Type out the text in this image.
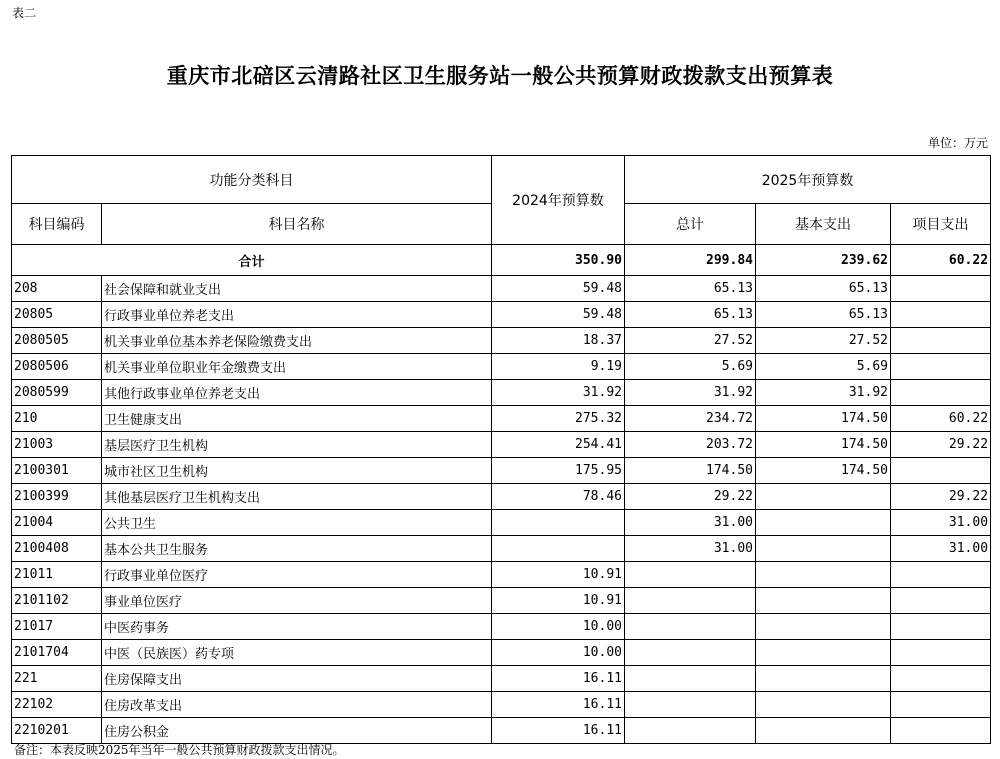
表二
重庆市北碚区云清路社区卫生服务站一般公共预算财政拨款支出预算表
单位：万元
功能分类科目		2024年预算数	2025年预算数		
科目编码	科目名称		总计	基本支出	项目支出
合计		350.90	299.84	239.62	60.22
208	社会保障和就业支出	59.48	65.13	65.13	
20805	行政事业单位养老支出	59.48	65.13	65.13	
2080505	机关事业单位基本养老保险缴费支出	18.37	27.52	27.52	
2080506	机关事业单位职业年金缴费支出	9.19	5.69	5.69	
2080599	其他行政事业单位养老支出	31.92	31.92	31.92	
210	卫生健康支出	275.32	234.72	174.50	60.22
21003	基层医疗卫生机构	254.41	203.72	174.50	29.22
2100301	城市社区卫生机构	175.95	174.50	174.50	
2100399	其他基层医疗卫生机构支出	78.46	29.22		29.22
21004	公共卫生		31.00		31.00
2100408	基本公共卫生服务		31.00		31.00
21011	行政事业单位医疗	10.91			
2101102	事业单位医疗	10.91			
21017	中医药事务	10.00			
2101704	中医（民族医）药专项	10.00			
221	住房保障支出	16.11			
22102	住房改革支出	16.11			
2210201	住房公积金	16.11			
备注：本表反映2025年当年一般公共预算财政拨款支出情况。
